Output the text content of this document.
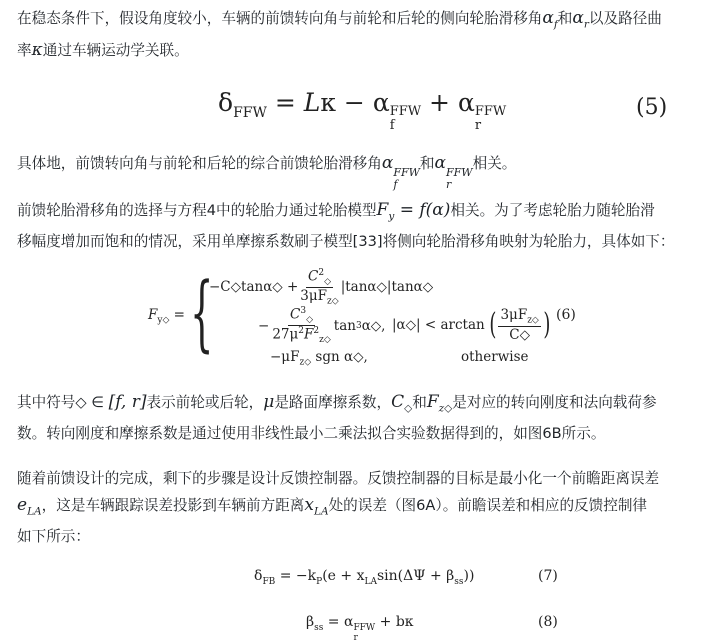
在稳态条件下，假设角度较小，车辆的前馈转向角与前轮和后轮的侧向轮胎滑移角$\alpha_f$和$\alpha_r$以及路径曲
率κ通过车辆运动学关联。
$\delta_{FFW} = L\kappa - \alpha$ FFW
f
+ α FFW
r
(5)
具体地，前馈转向角与前轮和后轮的综合前馈轮胎滑移角α FFW
f
和α FFW
r
相关。
前馈轮胎滑移角的选择与方程4中的轮胎力通过轮胎模型$F_y = f(\alpha)$相关。为了考虑轮胎力随轮胎滑
移幅度增加而饱和的情况，采用单摩擦系数刷子模型[33]将侧向轮胎滑移角映射为轮胎力，具体如下：
$F_{y◇}$ = {
−C◇tanα◇ +
$C^2_◇$
$3\mu F_{z◇}$
|tanα◇|tanα◇
− $\frac{C^3_◇}{27\mu^2F^2_{z◇}}$ tan 3 α◇, |α◇| < arctan ( $3\mu F_{z◇}$
C◇ )
$-\mu F_{z◇}$ sgn α◇,	otherwise
(6)
其中符号◇ ∈ [f, r]表示前轮或后轮，μ是路面摩擦系数，$C_◇$和$F_{z◇}$是对应的转向刚度和法向载荷参
数。转向刚度和摩擦系数是通过使用非线性最小二乘法拟合实验数据得到的，如图6B所示。
随着前馈设计的完成，剩下的步骤是设计反馈控制器。反馈控制器的目标是最小化一个前瞻距离误差
$e_{LA}$，这是车辆跟踪误差投影到车辆前方距离$x_{LA}$处的误差（图6A）。前瞻误差和相应的反馈控制律
如下所示：
$\delta_{FB} = -k_P(e + x_{LA}\sin(\Delta\Psi + \beta_{ss}))$	(7)
$\beta_{ss} = \alpha$ FFW
r
+ bκ	(8)
